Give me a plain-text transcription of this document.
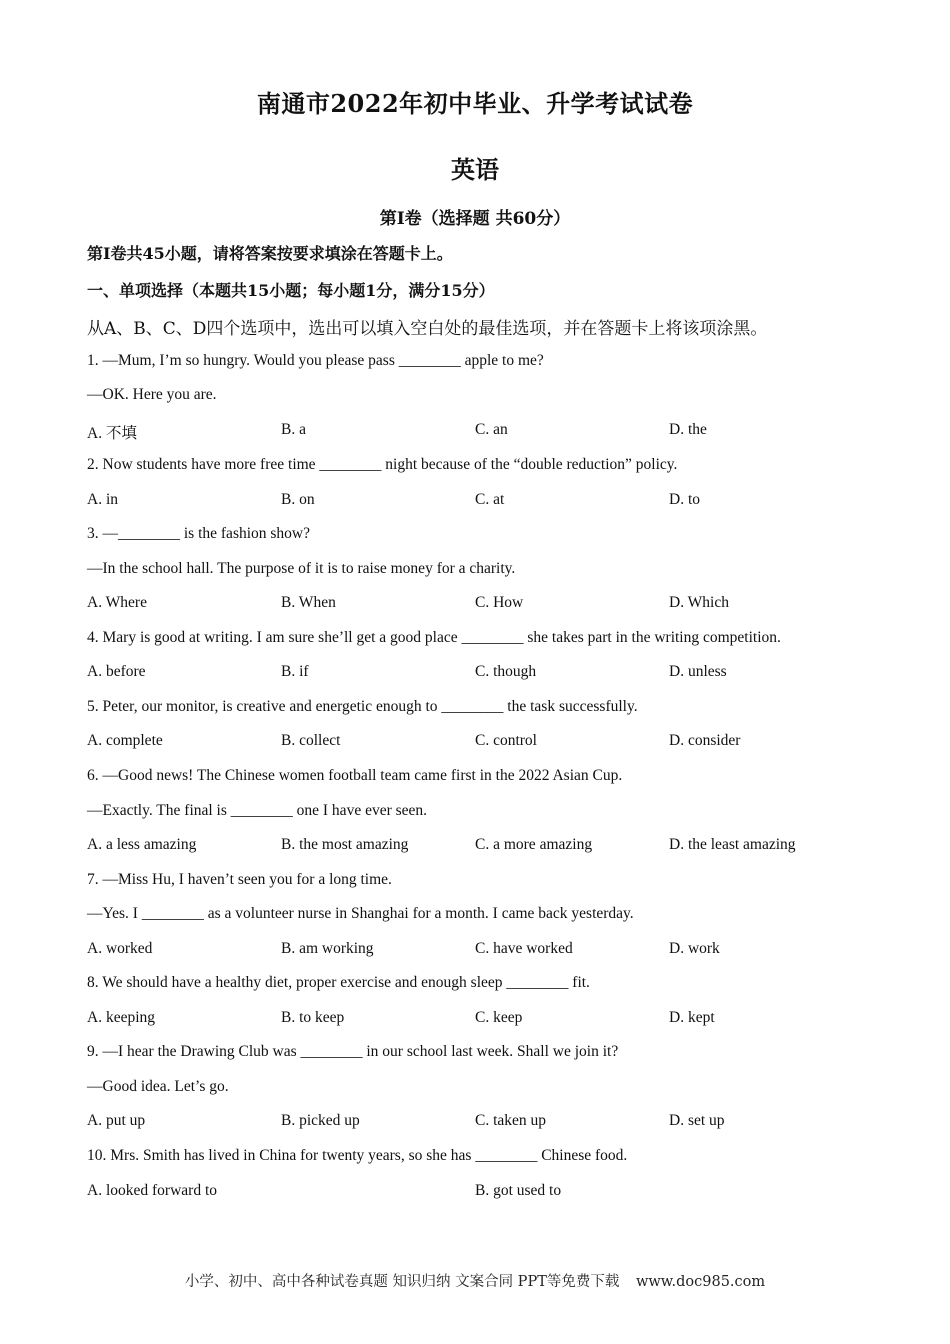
南通市2022年初中毕业、升学考试试卷
英语
第Ⅰ卷（选择题 共60分）
第Ⅰ卷共45小题，请将答案按要求填涂在答题卡上。
一、单项选择（本题共15小题；每小题1分，满分15分）
从A、B、C、D四个选项中，选出可以填入空白处的最佳选项，并在答题卡上将该项涂黑。
1. —Mum, I’m so hungry. Would you please pass ________ apple to me?
—OK. Here you are.
A. 不填	B. a	C. an	D. the
2. Now students have more free time ________ night because of the “double reduction” policy.
A. in	B. on	C. at	D. to
3. —________ is the fashion show?
—In the school hall. The purpose of it is to raise money for a charity.
A. Where	B. When	C. How	D. Which
4. Mary is good at writing. I am sure she’ll get a good place ________ she takes part in the writing competition.
A. before	B. if	C. though	D. unless
5. Peter, our monitor, is creative and energetic enough to ________ the task successfully.
A. complete	B. collect	C. control	D. consider
6. —Good news! The Chinese women football team came first in the 2022 Asian Cup.
—Exactly. The final is ________ one I have ever seen.
A. a less amazing	B. the most amazing	C. a more amazing	D. the least amazing
7. —Miss Hu, I haven’t seen you for a long time.
—Yes. I ________ as a volunteer nurse in Shanghai for a month. I came back yesterday.
A. worked	B. am working	C. have worked	D. work
8. We should have a healthy diet, proper exercise and enough sleep ________ fit.
A. keeping	B. to keep	C. keep	D. kept
9. —I hear the Drawing Club was ________ in our school last week. Shall we join it?
—Good idea. Let’s go.
A. put up	B. picked up	C. taken up	D. set up
10. Mrs. Smith has lived in China for twenty years, so she has ________ Chinese food.
A. looked forward to	B. got used to
小学、初中、高中各种试卷真题 知识归纳 文案合同 PPT等免费下载 www.doc985.com
